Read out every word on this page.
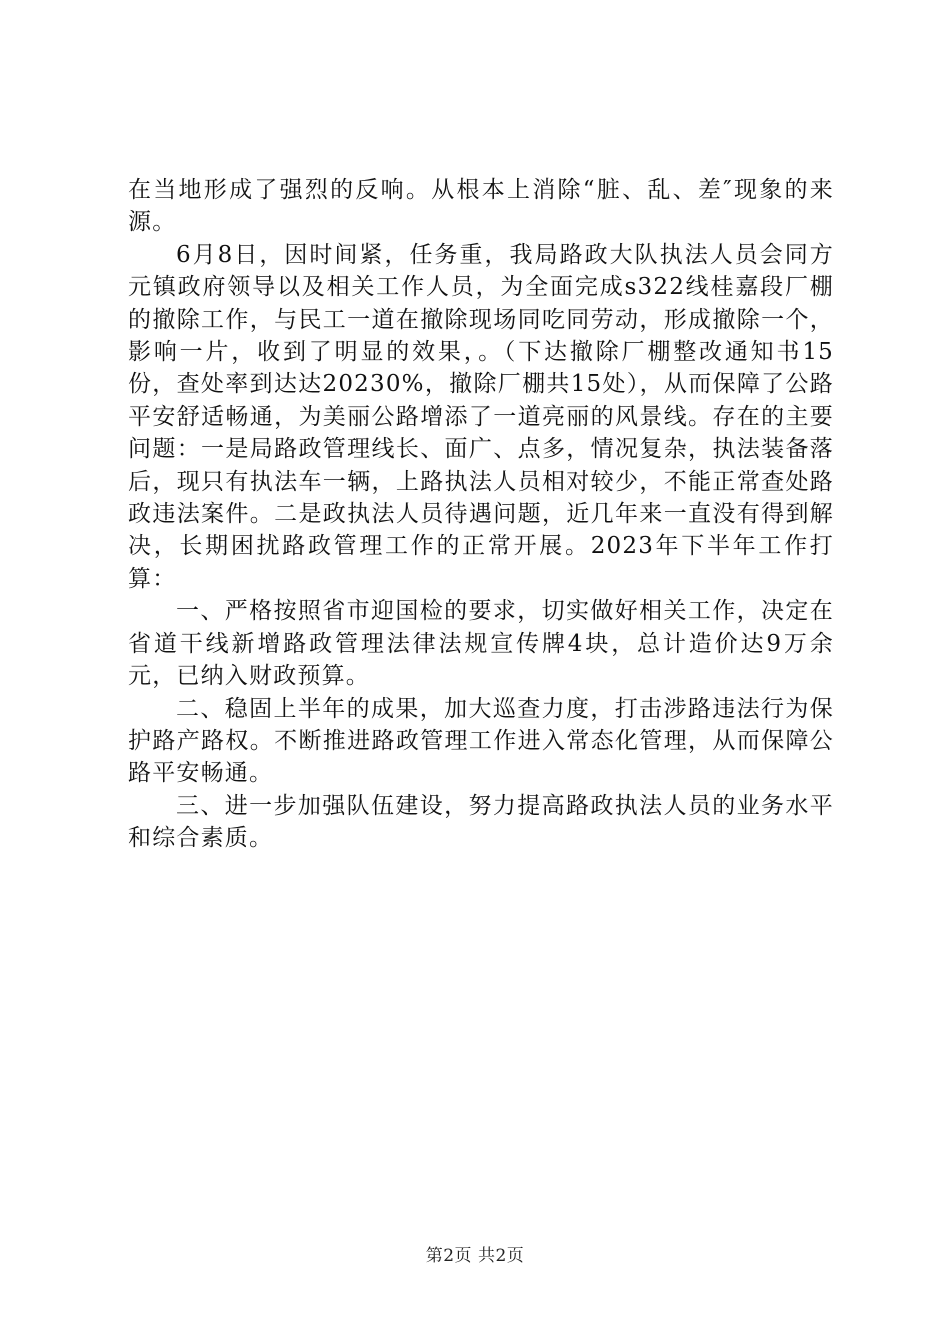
在当地形成了强烈的反响。从根本上消除“脏、乱、差″现象的来源。

6月8日，因时间紧，任务重，我局路政大队执法人员会同方元镇政府领导以及相关工作人员，为全面完成s322线桂嘉段厂棚的撤除工作，与民工一道在撤除现场同吃同劳动，形成撤除一个，影响一片，收到了明显的效果，。（下达撤除厂棚整改通知书15份，查处率到达达20230%，撤除厂棚共15处），从而保障了公路平安舒适畅通，为美丽公路增添了一道亮丽的风景线。存在的主要问题：一是局路政管理线长、面广、点多，情况复杂，执法装备落后，现只有执法车一辆，上路执法人员相对较少，不能正常查处路政违法案件。二是政执法人员待遇问题，近几年来一直没有得到解决，长期困扰路政管理工作的正常开展。2023年下半年工作打算：

一、严格按照省市迎国检的要求，切实做好相关工作，决定在省道干线新增路政管理法律法规宣传牌4块，总计造价达9万余元，已纳入财政预算。

二、稳固上半年的成果，加大巡查力度，打击涉路违法行为保护路产路权。不断推进路政管理工作进入常态化管理，从而保障公路平安畅通。

三、进一步加强队伍建设，努力提高路政执法人员的业务水平和综合素质。

第2页 共2页
